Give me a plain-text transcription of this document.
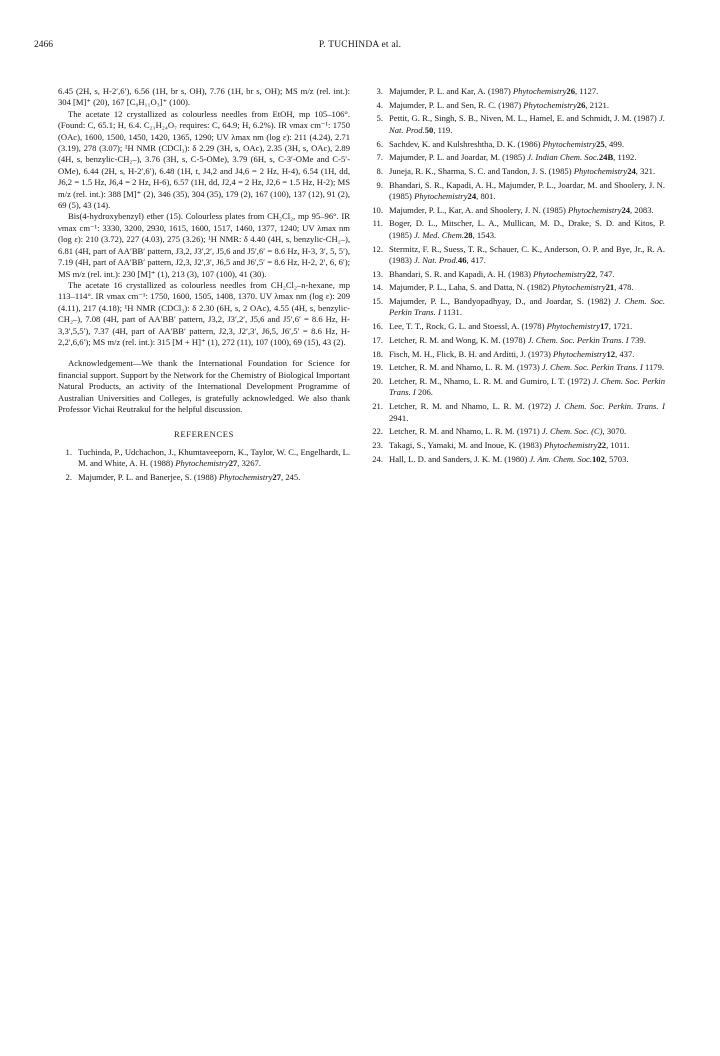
2466	P. TUCHINDA et al.

6.45 (2H, s, H-2′,6′), 6.56 (1H, br s, OH), 7.76 (1H, br s, OH); MS m/z (rel. int.): 304 [M]⁺ (20), 167 [C₉H₁₁O₃]⁺ (100).

The acetate 12 crystallized as colourless needles from EtOH, mp 105–106°. (Found: C, 65.1; H, 6.4. C₂₁H₂₄O₇ requires: C, 64.9; H, 6.2%). IR νmax cm⁻¹: 1750 (OAc), 1600, 1500, 1450, 1420, 1365, 1290; UV λmax nm (log ε): 211 (4.24), 2.71 (3.19), 278 (3.07); ¹H NMR (CDCl₃): δ 2.29 (3H, s, OAc), 2.35 (3H, s, OAc), 2.89 (4H, s, benzylic-CH₂–), 3.76 (3H, s, C-5-OMe), 3.79 (6H, s, C-3′-OMe and C-5′-OMe), 6.44 (2H, s, H-2′,6′), 6.48 (1H, t, J4,2 and J4,6 = 2 Hz, H-4), 6.54 (1H, dd, J6,2 = 1.5 Hz, J6,4 = 2 Hz, H-6), 6.57 (1H, dd, J2,4 = 2 Hz, J2,6 = 1.5 Hz, H-2); MS m/z (rel. int.): 388 [M]⁺ (2), 346 (35), 304 (35), 179 (2), 167 (100), 137 (12), 91 (2), 69 (5), 43 (14).

Bis(4-hydroxybenzyl) ether (15). Colourless plates from CH₂Cl₂, mp 95–96°. IR νmax cm⁻¹: 3330, 3200, 2930, 1615, 1600, 1517, 1460, 1377, 1240; UV λmax nm (log ε): 210 (3.72), 227 (4.03), 275 (3.26); ¹H NMR: δ 4.40 (4H, s, benzylic-CH₂–), 6.81 (4H, part of AA′BB′ pattern, J3,2, J3′,2′, J5,6 and J5′,6′ = 8.6 Hz, H-3, 3′, 5, 5′), 7.19 (4H, part of AA′BB′ pattern, J2,3, J2′,3′, J6,5 and J6′,5′ = 8.6 Hz, H-2, 2′, 6, 6′); MS m/z (rel. int.): 230 [M]⁺ (1), 213 (3), 107 (100), 41 (30).

The acetate 16 crystallized as colourless needles from CH₂Cl₂–n-hexane, mp 113–114°. IR νmax cm⁻¹: 1750, 1600, 1505, 1408, 1370. UV λmax nm (log ε): 209 (4.11), 217 (4.18); ¹H NMR (CDCl₃): δ 2.30 (6H, s, 2 OAc), 4.55 (4H, s, benzylic-CH₂–), 7.08 (4H, part of AA′BB′ pattern, J3,2, J3′,2′, J5,6 and J5′,6′ = 8.6 Hz, H-3,3′,5,5′), 7.37 (4H, part of AA′BB′ pattern, J2,3, J2′,3′, J6,5, J6′,5′ = 8.6 Hz, H-2,2′,6,6′); MS m/z (rel. int.): 315 [M + H]⁺ (1), 272 (11), 107 (100), 69 (15), 43 (2).

Acknowledgement—We thank the International Foundation for Science for financial support. Support by the Network for the Chemistry of Biological Important Natural Products, an activity of the International Development Programme of Australian Universities and Colleges, is gratefully acknowledged. We also thank Professor Vichai Reutrakul for the helpful discussion.

REFERENCES
1. Tuchinda, P., Udchachon, J., Khumtaveeporn, K., Taylor, W. C., Engelhardt, L. M. and White, A. H. (1988) Phytochemistry27, 3267.
2. Majumder, P. L. and Banerjee, S. (1988) Phytochemistry27, 245.
3. Majumder, P. L. and Kar, A. (1987) Phytochemistry26, 1127.
4. Majumder, P. L. and Sen, R. C. (1987) Phytochemistry26, 2121.
5. Pettit, G. R., Singh, S. B., Niven, M. L., Hamel, E. and Schmidt, J. M. (1987) J. Nat. Prod.50, 119.
6. Sachdev, K. and Kulshreshtha, D. K. (1986) Phytochemistry25, 499.
7. Majumder, P. L. and Joardar, M. (1985) J. Indian Chem. Soc.24B, 1192.
8. Juneja, R. K., Sharma, S. C. and Tandon, J. S. (1985) Phytochemistry24, 321.
9. Bhandari, S. R., Kapadi, A. H., Majumder, P. L., Joardar, M. and Shoolery, J. N. (1985) Phytochemistry24, 801.
10. Majumder, P. L., Kar, A. and Shoolery, J. N. (1985) Phytochemistry24, 2083.
11. Boger, D. L., Mitscher, L. A., Mullican, M. D., Drake, S. D. and Kitos, P. (1985) J. Med. Chem.28, 1543.
12. Stermitz, F. R., Suess, T. R., Schauer, C. K., Anderson, O. P. and Bye, Jr., R. A. (1983) J. Nat. Prod.46, 417.
13. Bhandari, S. R. and Kapadi, A. H. (1983) Phytochemistry22, 747.
14. Majumder, P. L., Laha, S. and Datta, N. (1982) Phytochemistry21, 478.
15. Majumder, P. L., Bandyopadhyay, D., and Joardar, S. (1982) J. Chem. Soc. Perkin Trans. I 1131.
16. Lee, T. T., Rock, G. L. and Stoessl, A. (1978) Phytochemistry17, 1721.
17. Letcher, R. M. and Wong, K. M. (1978) J. Chem. Soc. Perkin Trans. I 739.
18. Fisch, M. H., Flick, B. H. and Arditti, J. (1973) Phytochemistry12, 437.
19. Letcher, R. M. and Nhamo, L. R. M. (1973) J. Chem. Soc. Perkin Trans. I 1179.
20. Letcher, R. M., Nhamo, L. R. M. and Gumiro, I. T. (1972) J. Chem. Soc. Perkin Trans. I 206.
21. Letcher, R. M. and Nhamo, L. R. M. (1972) J. Chem. Soc. Perkin. Trans. I 2941.
22. Letcher, R. M. and Nhamo, L. R. M. (1971) J. Chem. Soc. (C), 3070.
23. Takagi, S., Yamaki, M. and Inoue, K. (1983) Phytochemistry22, 1011.
24. Hall, L. D. and Sanders, J. K. M. (1980) J. Am. Chem. Soc.102, 5703.
